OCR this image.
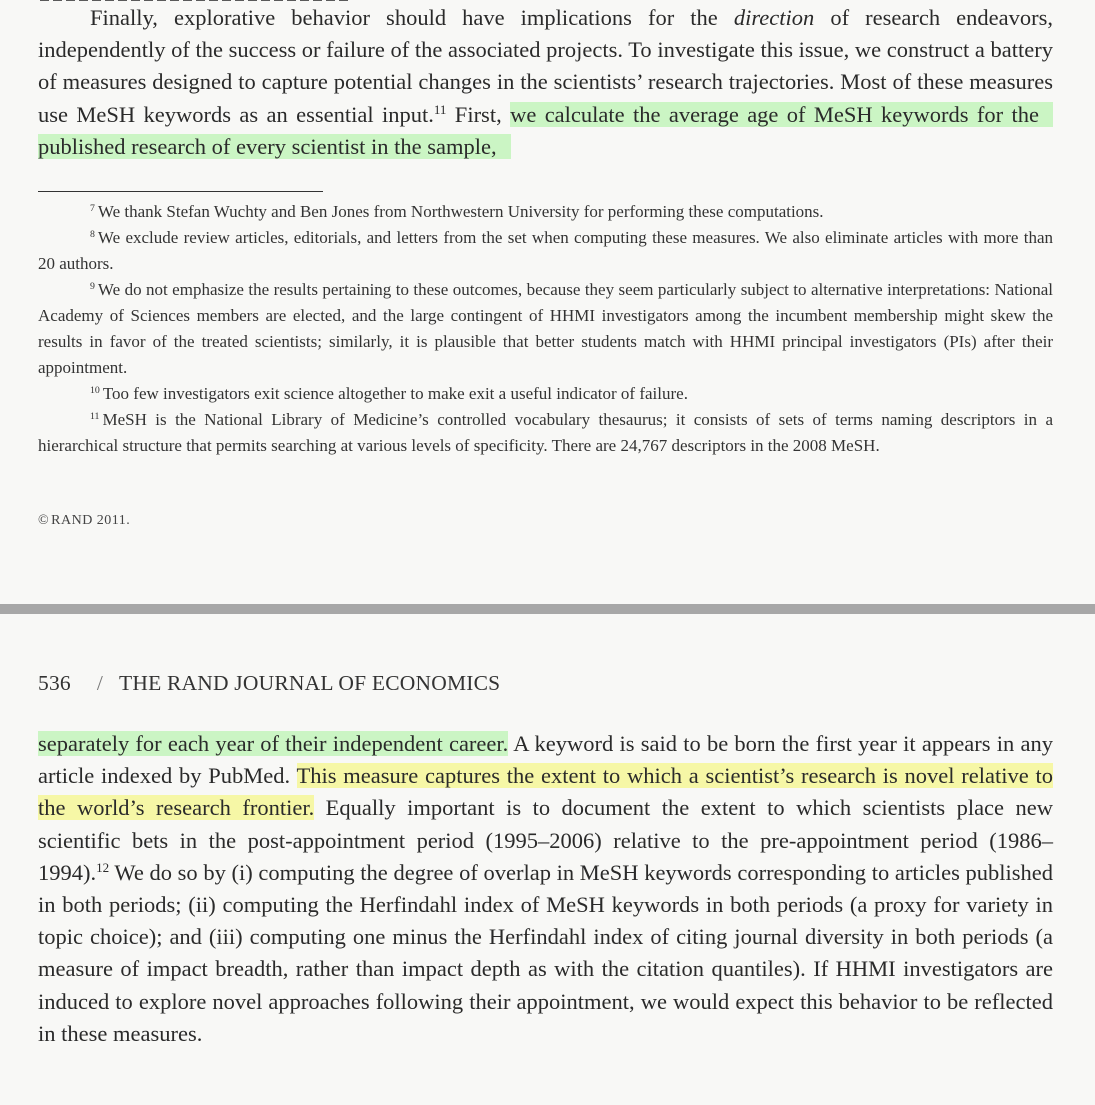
Finally, explorative behavior should have implications for the direction of research endeavors, independently of the success or failure of the associated projects. To investigate this issue, we construct a battery of measures designed to capture potential changes in the scientists’ research trajectories. Most of these measures use MeSH keywords as an essential input.$^{11}$ First, we calculate the average age of MeSH keywords for the published research of every scientist in the sample,

$^7$ We thank Stefan Wuchty and Ben Jones from Northwestern University for performing these computations.

$^8$ We exclude review articles, editorials, and letters from the set when computing these measures. We also eliminate articles with more than 20 authors.

$^9$ We do not emphasize the results pertaining to these outcomes, because they seem particularly subject to alternative interpretations: National Academy of Sciences members are elected, and the large contingent of HHMI investigators among the incumbent membership might skew the results in favor of the treated scientists; similarly, it is plausible that better students match with HHMI principal investigators (PIs) after their appointment.

$^{10}$ Too few investigators exit science altogether to make exit a useful indicator of failure.

$^{11}$ MeSH is the National Library of Medicine’s controlled vocabulary thesaurus; it consists of sets of terms naming descriptors in a hierarchical structure that permits searching at various levels of specificity. There are 24,767 descriptors in the 2008 MeSH.

© RAND 2011.
536 / THE RAND JOURNAL OF ECONOMICS

separately for each year of their independent career. A keyword is said to be born the first year it appears in any article indexed by PubMed. This measure captures the extent to which a scientist’s research is novel relative to the world’s research frontier. Equally important is to document the extent to which scientists place new scientific bets in the post-appointment period (1995–2006) relative to the pre-appointment period (1986–1994).$^{12}$ We do so by (i) computing the degree of overlap in MeSH keywords corresponding to articles published in both periods; (ii) computing the Herfindahl index of MeSH keywords in both periods (a proxy for variety in topic choice); and (iii) computing one minus the Herfindahl index of citing journal diversity in both periods (a measure of impact breadth, rather than impact depth as with the citation quantiles). If HHMI investigators are induced to explore novel approaches following their appointment, we would expect this behavior to be reflected in these measures.
